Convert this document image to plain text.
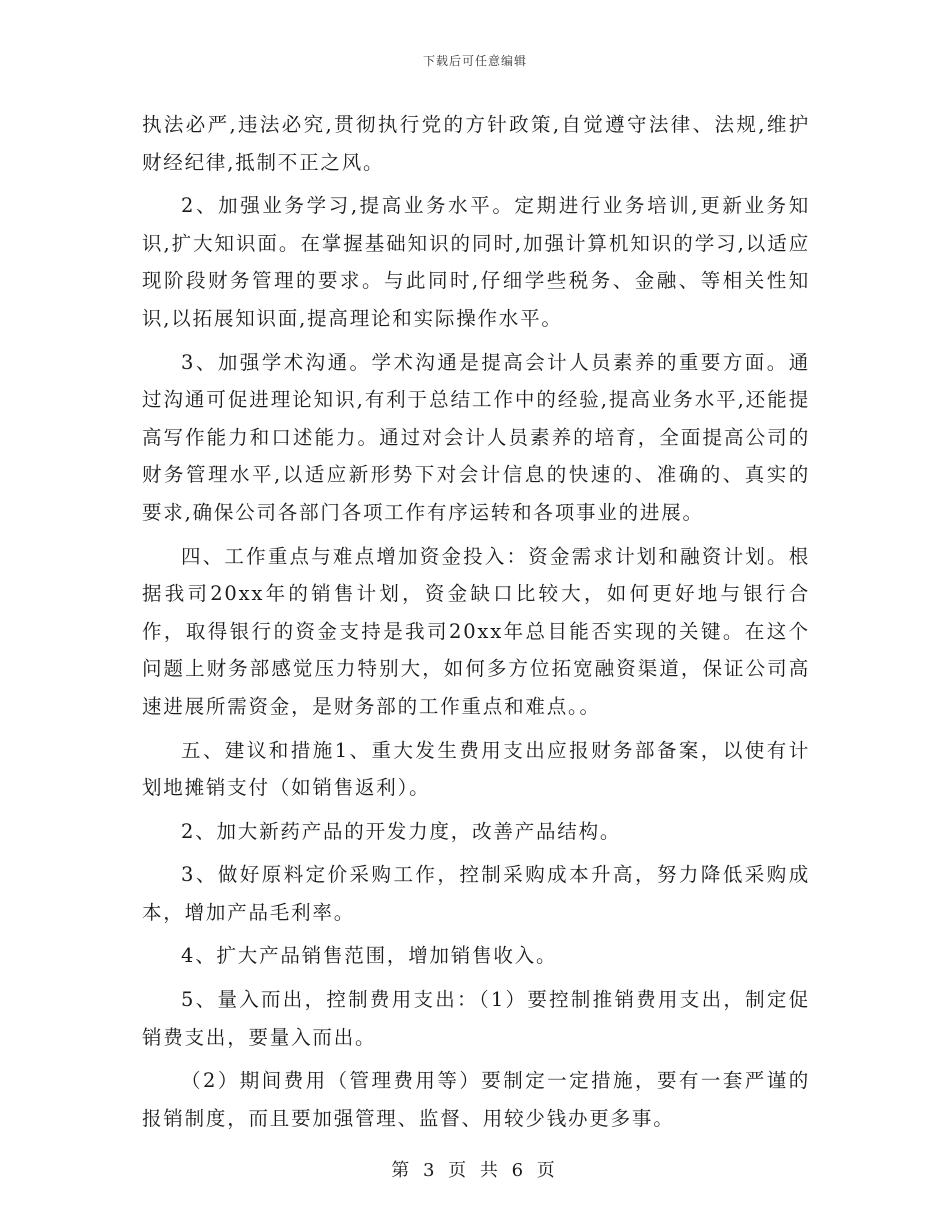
下载后可任意编辑

执法必严,违法必究,贯彻执行党的方针政策,自觉遵守法律、法规,维护财经纪律,抵制不正之风。

2、加强业务学习,提高业务水平。定期进行业务培训,更新业务知识,扩大知识面。在掌握基础知识的同时,加强计算机知识的学习,以适应现阶段财务管理的要求。与此同时,仔细学些税务、金融、等相关性知识,以拓展知识面,提高理论和实际操作水平。

3、加强学术沟通。学术沟通是提高会计人员素养的重要方面。通过沟通可促进理论知识,有利于总结工作中的经验,提高业务水平,还能提高写作能力和口述能力。通过对会计人员素养的培育，全面提高公司的财务管理水平,以适应新形势下对会计信息的快速的、准确的、真实的要求,确保公司各部门各项工作有序运转和各项事业的进展。

四、工作重点与难点增加资金投入：资金需求计划和融资计划。根据我司20xx年的销售计划，资金缺口比较大，如何更好地与银行合作，取得银行的资金支持是我司20xx年总目能否实现的关键。在这个问题上财务部感觉压力特别大，如何多方位拓宽融资渠道，保证公司高速进展所需资金，是财务部的工作重点和难点。。

五、建议和措施1、重大发生费用支出应报财务部备案，以使有计划地摊销支付（如销售返利）。

2、加大新药产品的开发力度，改善产品结构。

3、做好原料定价采购工作，控制采购成本升高，努力降低采购成本，增加产品毛利率。

4、扩大产品销售范围，增加销售收入。

5、量入而出，控制费用支出：（1）要控制推销费用支出，制定促销费支出，要量入而出。

（2）期间费用（管理费用等）要制定一定措施，要有一套严谨的报销制度，而且要加强管理、监督、用较少钱办更多事。

第 3 页 共 6 页
